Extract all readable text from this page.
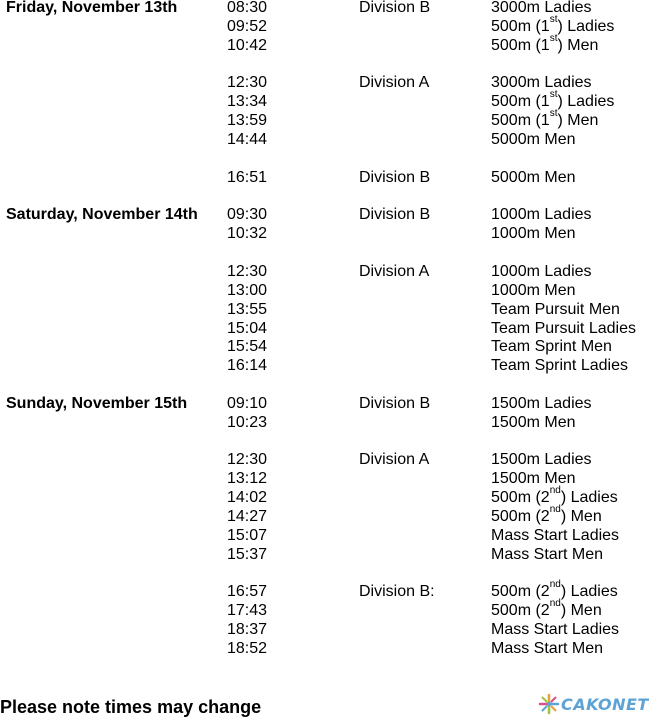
Friday, November 13th	08:30	Division B	3000m Ladies
09:52	500m (1st) Ladies
10:42	500m (1st) Men
12:30	Division A	3000m Ladies
13:34	500m (1st) Ladies
13:59	500m (1st) Men
14:44	5000m Men
16:51	Division B	5000m Men
Saturday, November 14th 09:30	Division B	1000m Ladies
10:32	1000m Men
12:30	Division A	1000m Ladies
13:00	1000m Men
13:55	Team Pursuit Men
15:04	Team Pursuit Ladies
15:54	Team Sprint Men
16:14	Team Sprint Ladies
Sunday, November 15th 09:10	Division B	1500m Ladies
10:23	1500m Men
12:30	Division A	1500m Ladies
13:12	1500m Men
14:02	500m (2nd) Ladies
14:27	500m (2nd) Men
15:07	Mass Start Ladies
15:37	Mass Start Men
16:57	Division B:	500m (2nd) Ladies
17:43	500m (2nd) Men
18:37	Mass Start Ladies
18:52	Mass Start Men
Please note times may change	CAKONET
